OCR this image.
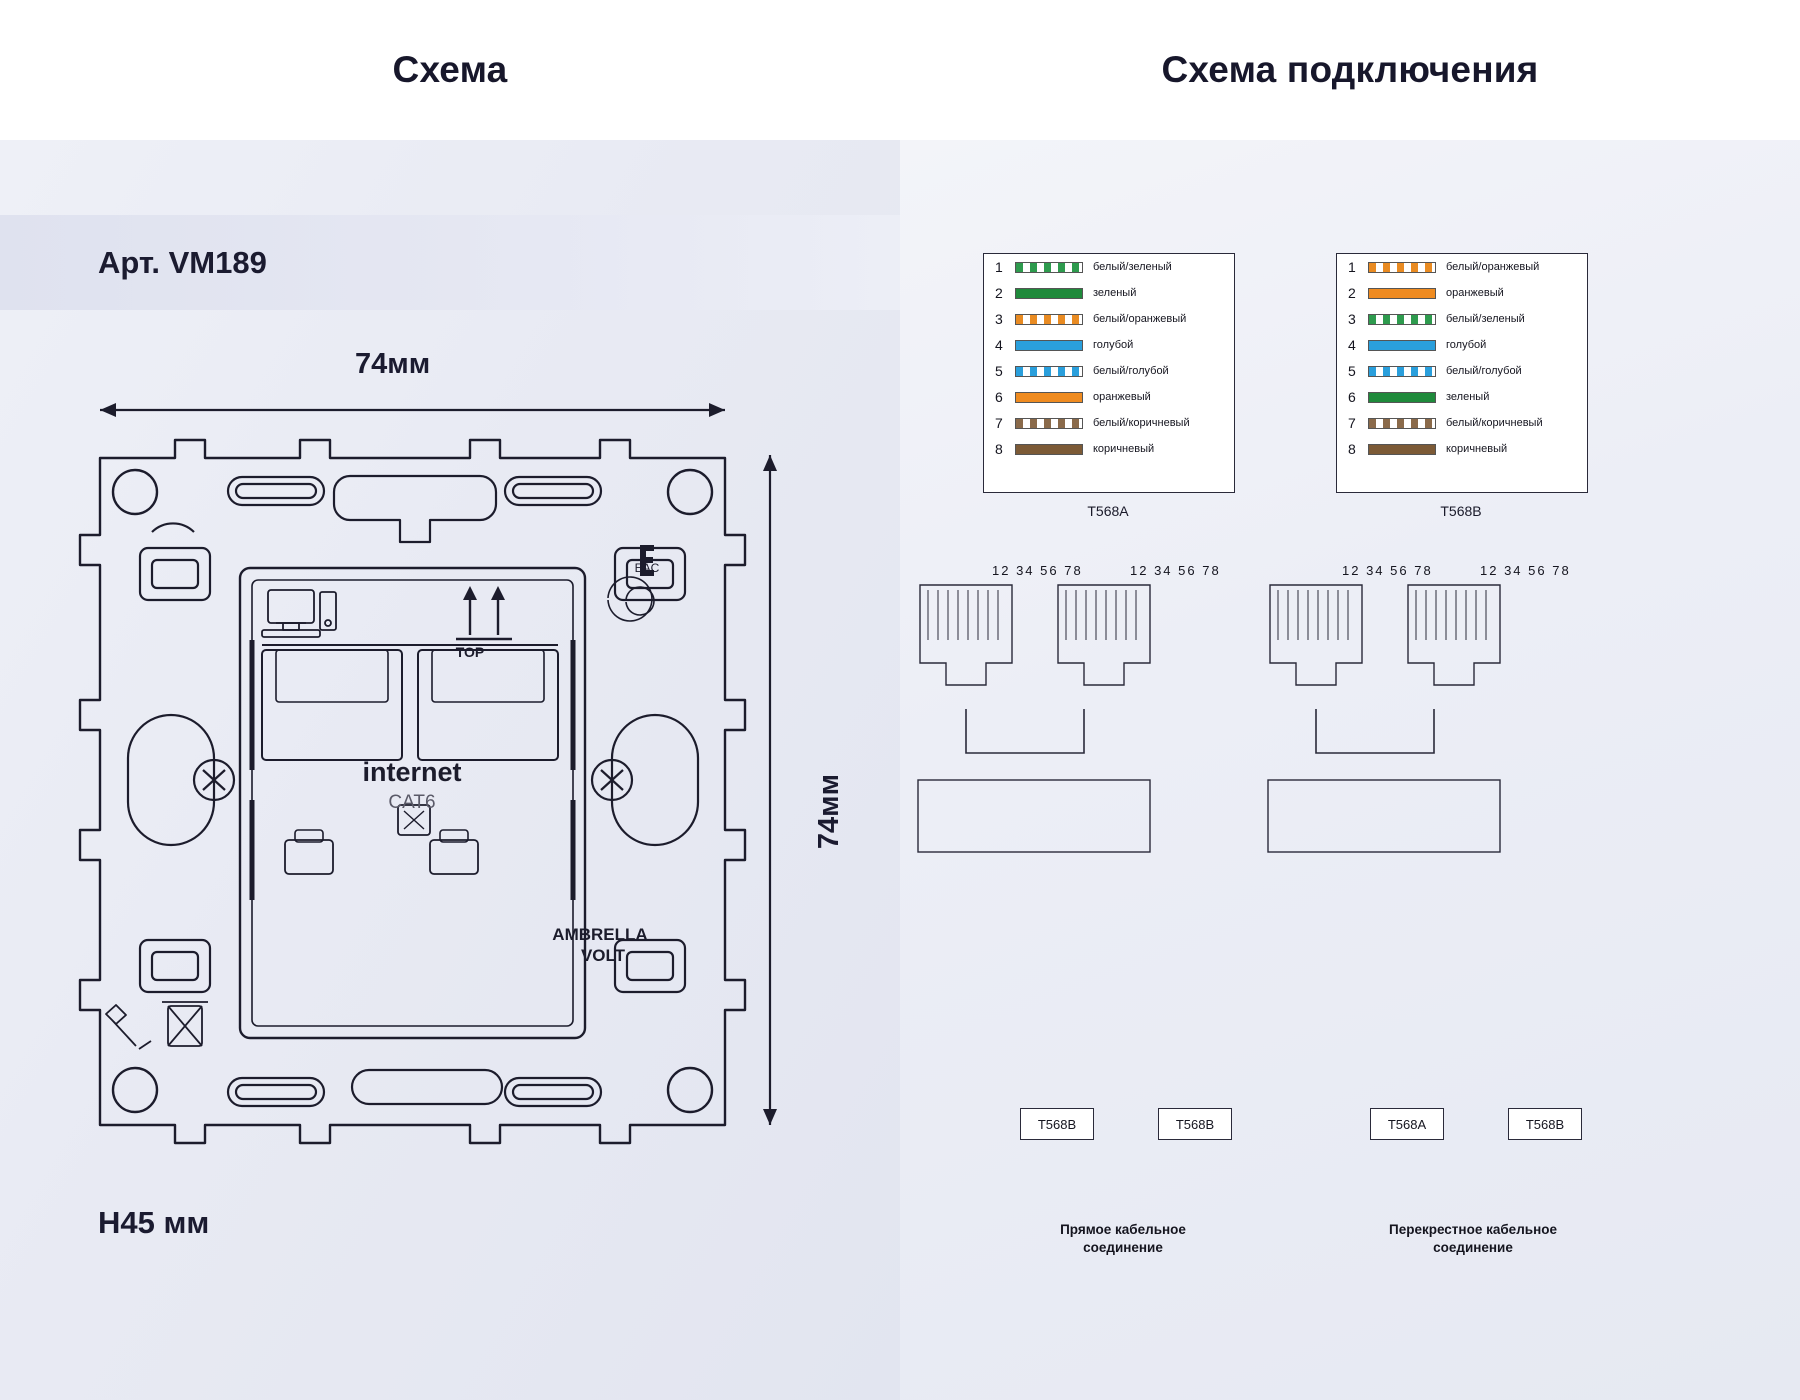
Схема	Схема подключения
Арт. VM189
74мм
74мм
H45 мм
internet
CAT6
TOP
AMBRELLA
VOLT
EAC
1	белый/зеленый
2	зеленый
3	белый/оранжевый
4	голубой
5	белый/голубой
6	оранжевый
7	белый/коричневый
8	коричневый
T568A
1	белый/оранжевый
2	оранжевый
3	белый/зеленый
4	голубой
5	белый/голубой
6	зеленый
7	белый/коричневый
8	коричневый
T568B
12 34 56 78	12 34 56 78	12 34 56 78	12 34 56 78
T568B	T568B	T568A	T568B
Прямое кабельное
соединение
Перекрестное кабельное
соединение
